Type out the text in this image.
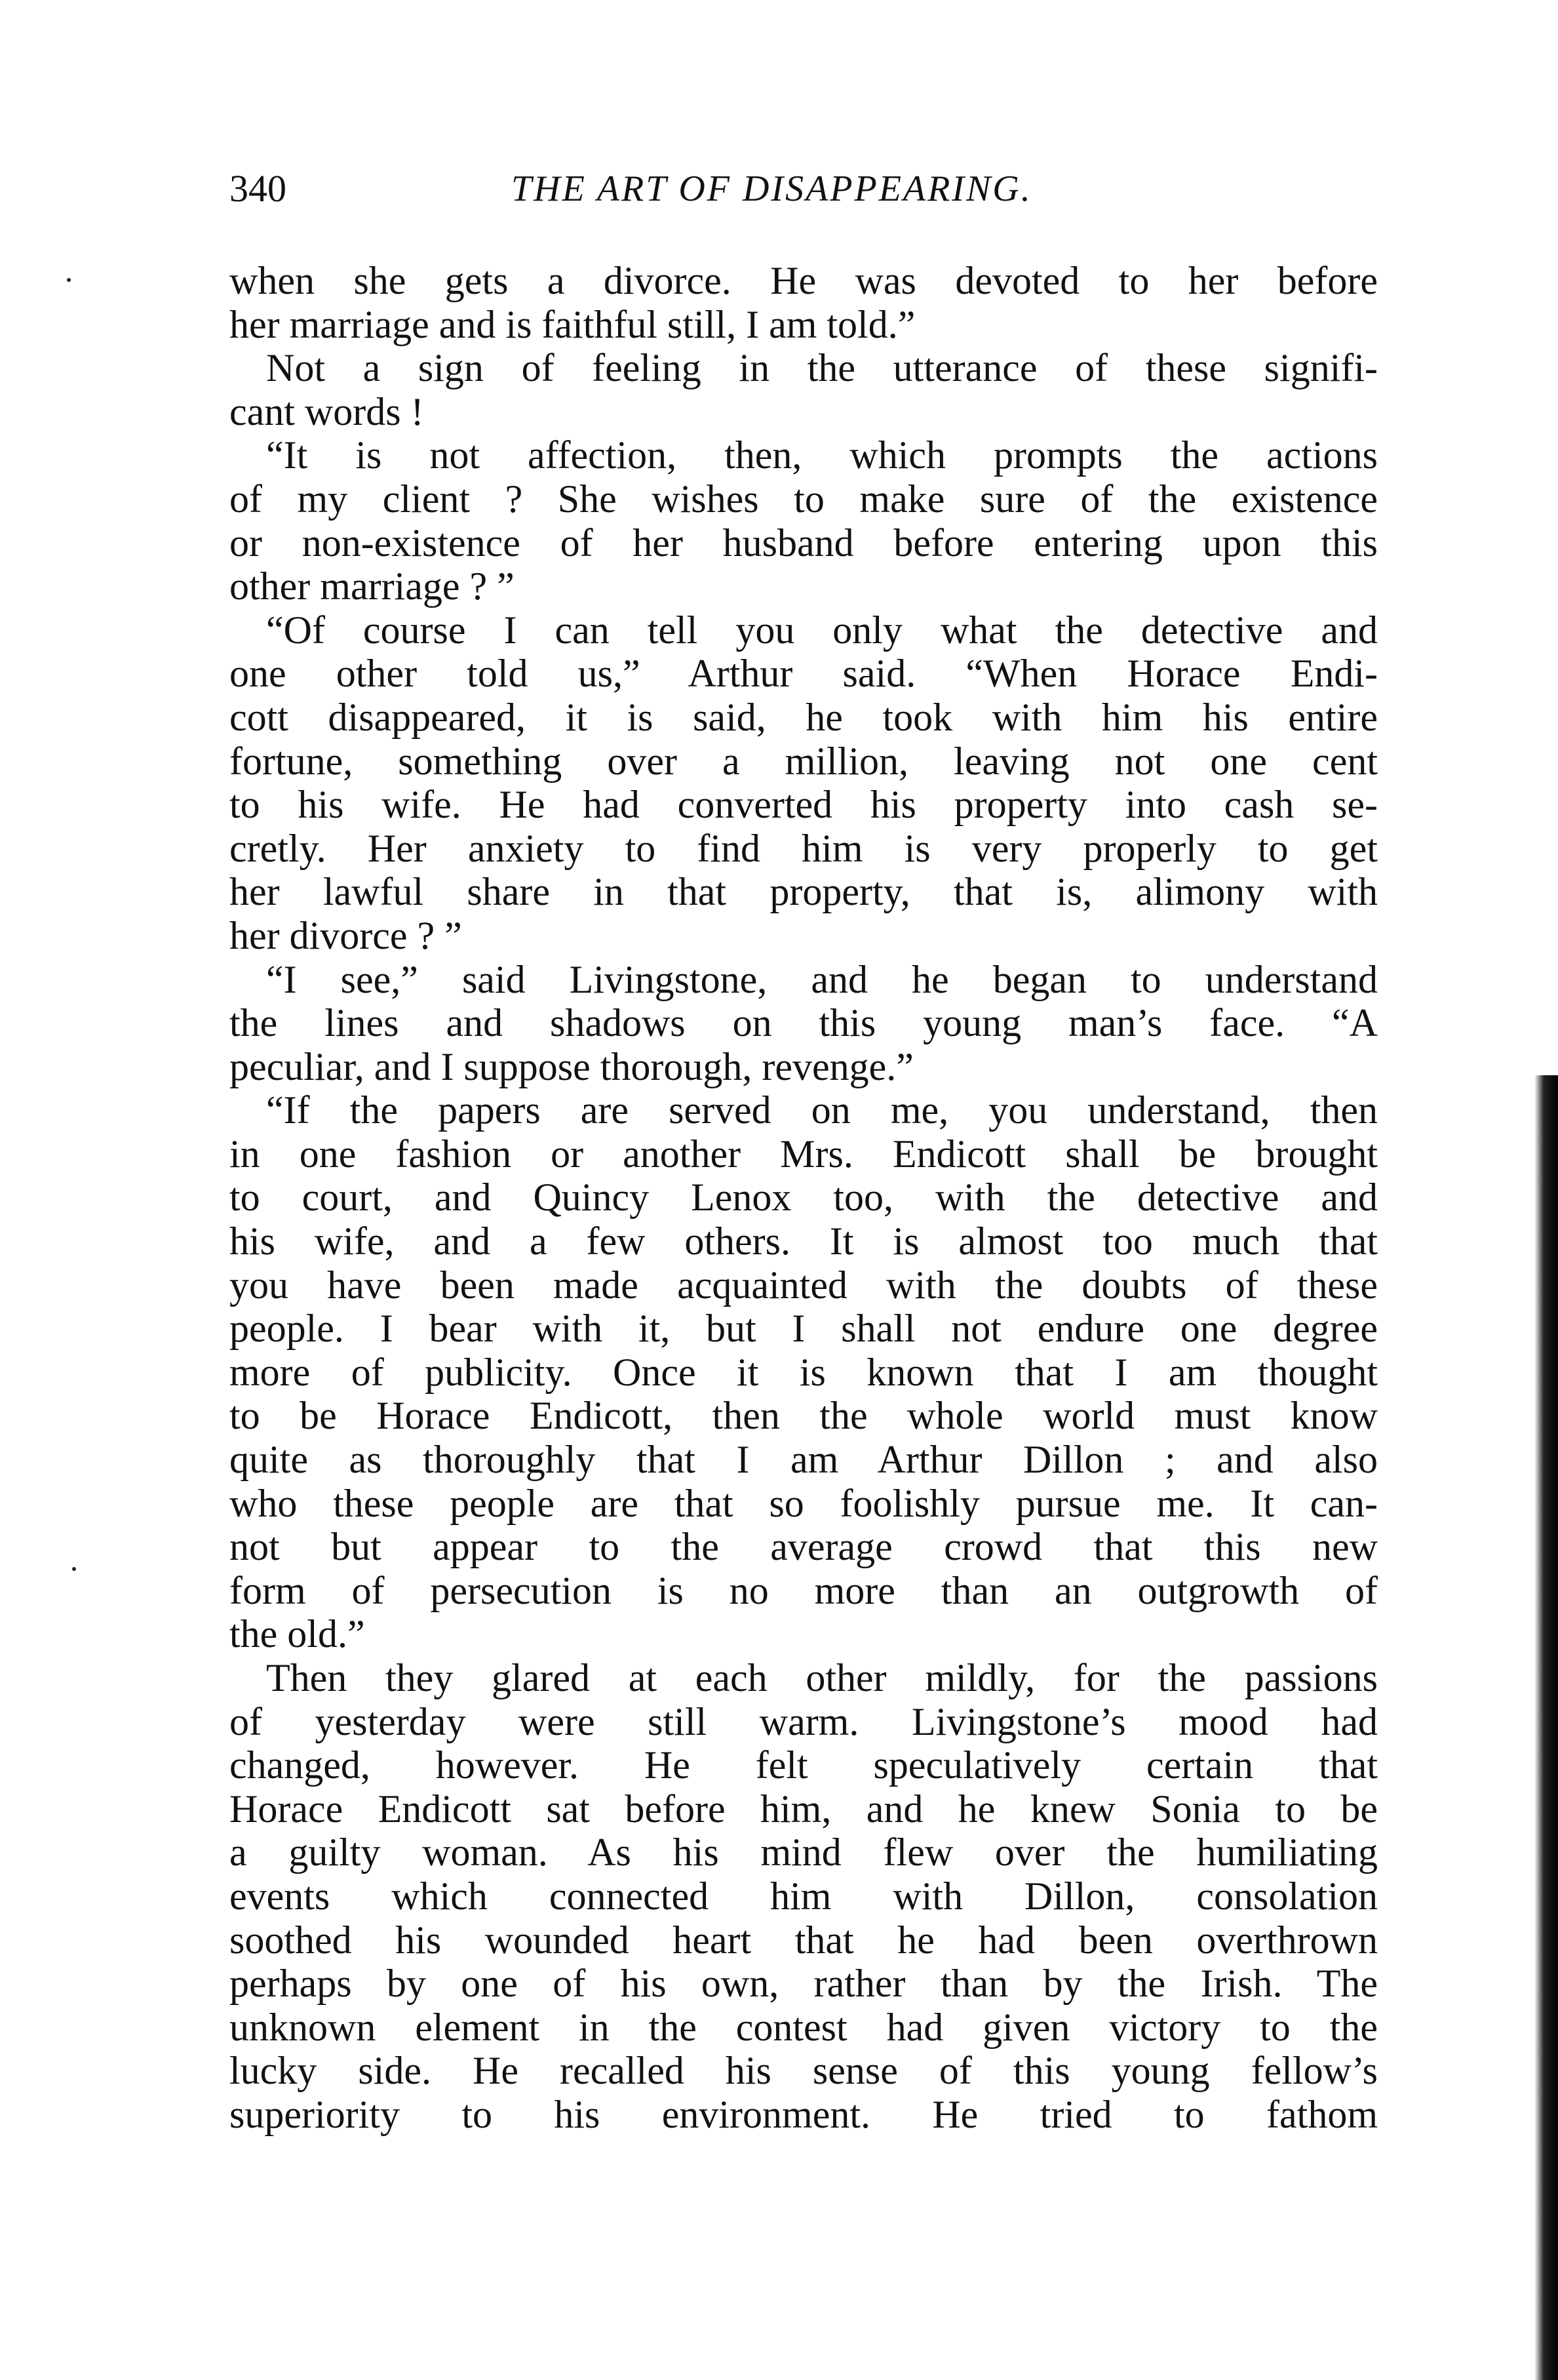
340	THE ART OF DISAPPEARING.
when she gets a divorce. He was devoted to her before
her marriage and is faithful still, I am told.”
Not a sign of feeling in the utterance of these signifi-
cant words !
“It is not affection, then, which prompts the actions
of my client ? She wishes to make sure of the existence
or non-existence of her husband before entering upon this
other marriage ? ”
“Of course I can tell you only what the detective and
one other told us,” Arthur said. “When Horace Endi-
cott disappeared, it is said, he took with him his entire
fortune, something over a million, leaving not one cent
to his wife. He had converted his property into cash se-
cretly. Her anxiety to find him is very properly to get
her lawful share in that property, that is, alimony with
her divorce ? ”
“I see,” said Livingstone, and he began to understand
the lines and shadows on this young man’s face. “A
peculiar, and I suppose thorough, revenge.”
“If the papers are served on me, you understand, then
in one fashion or another Mrs. Endicott shall be brought
to court, and Quincy Lenox too, with the detective and
his wife, and a few others. It is almost too much that
you have been made acquainted with the doubts of these
people. I bear with it, but I shall not endure one degree
more of publicity. Once it is known that I am thought
to be Horace Endicott, then the whole world must know
quite as thoroughly that I am Arthur Dillon ; and also
who these people are that so foolishly pursue me. It can-
not but appear to the average crowd that this new
form of persecution is no more than an outgrowth of
the old.”
Then they glared at each other mildly, for the passions
of yesterday were still warm. Livingstone’s mood had
changed, however. He felt speculatively certain that
Horace Endicott sat before him, and he knew Sonia to be
a guilty woman. As his mind flew over the humiliating
events which connected him with Dillon, consolation
soothed his wounded heart that he had been overthrown
perhaps by one of his own, rather than by the Irish. The
unknown element in the contest had given victory to the
lucky side. He recalled his sense of this young fellow’s
superiority to his environment. He tried to fathom
